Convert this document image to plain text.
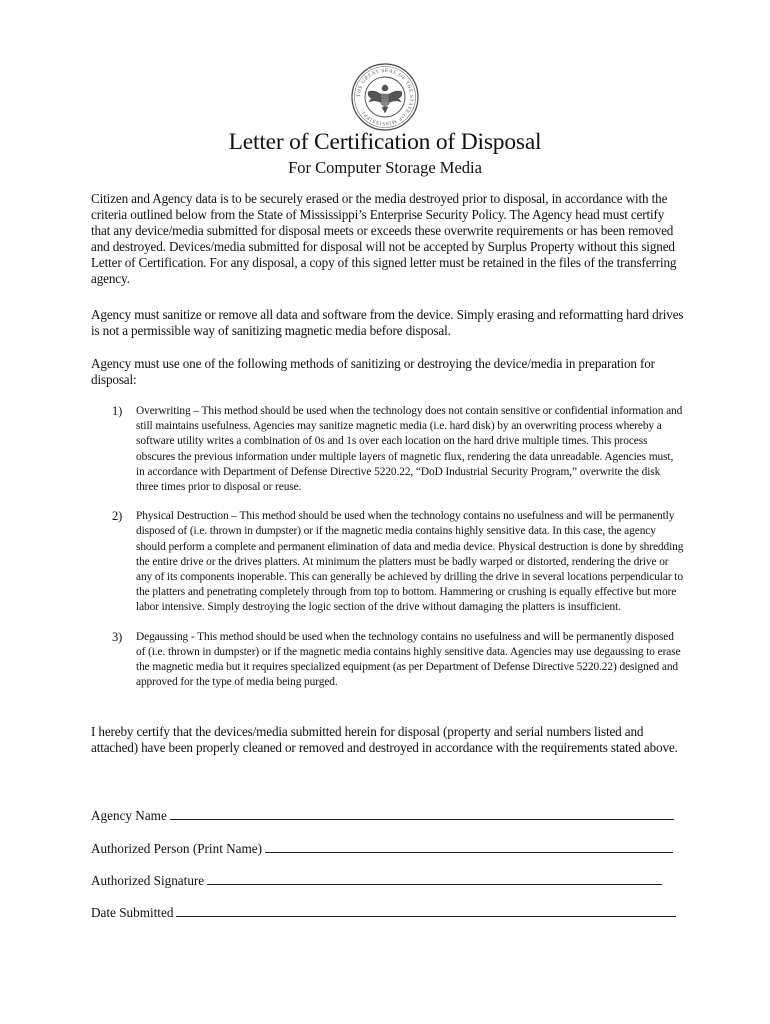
THE GREAT SEAL OF THE STATE OF MISSISSIPPI
Letter of Certification of Disposal
For Computer Storage Media

Citizen and Agency data is to be securely erased or the media destroyed prior to disposal, in accordance with the criteria outlined below from the State of Mississippi’s Enterprise Security Policy. The Agency head must certify that any device/media submitted for disposal meets or exceeds these overwrite requirements or has been removed and destroyed. Devices/media submitted for disposal will not be accepted by Surplus Property without this signed Letter of Certification. For any disposal, a copy of this signed letter must be retained in the files of the transferring agency.

Agency must sanitize or remove all data and software from the device. Simply erasing and reformatting hard drives is not a permissible way of sanitizing magnetic media before disposal.

Agency must use one of the following methods of sanitizing or destroying the device/media in preparation for disposal:

1) Overwriting – This method should be used when the technology does not contain sensitive or confidential information and still maintains usefulness. Agencies may sanitize magnetic media (i.e. hard disk) by an overwriting process whereby a software utility writes a combination of 0s and 1s over each location on the hard drive multiple times. This process obscures the previous information under multiple layers of magnetic flux, rendering the data unreadable. Agencies must, in accordance with Department of Defense Directive 5220.22, “DoD Industrial Security Program,” overwrite the disk three times prior to disposal or reuse.
2) Physical Destruction – This method should be used when the technology contains no usefulness and will be permanently disposed of (i.e. thrown in dumpster) or if the magnetic media contains highly sensitive data. In this case, the agency should perform a complete and permanent elimination of data and media device. Physical destruction is done by shredding the entire drive or the drives platters. At minimum the platters must be badly warped or distorted, rendering the drive or any of its components inoperable. This can generally be achieved by drilling the drive in several locations perpendicular to the platters and penetrating completely through from top to bottom. Hammering or crushing is equally effective but more labor intensive. Simply destroying the logic section of the drive without damaging the platters is insufficient.
3) Degaussing - This method should be used when the technology contains no usefulness and will be permanently disposed of (i.e. thrown in dumpster) or if the magnetic media contains highly sensitive data. Agencies may use degaussing to erase the magnetic media but it requires specialized equipment (as per Department of Defense Directive 5220.22) designed and approved for the type of media being purged.

I hereby certify that the devices/media submitted herein for disposal (property and serial numbers listed and attached) have been properly cleaned or removed and destroyed in accordance with the requirements stated above.

Agency Name
Authorized Person (Print Name)
Authorized Signature
Date Submitted
